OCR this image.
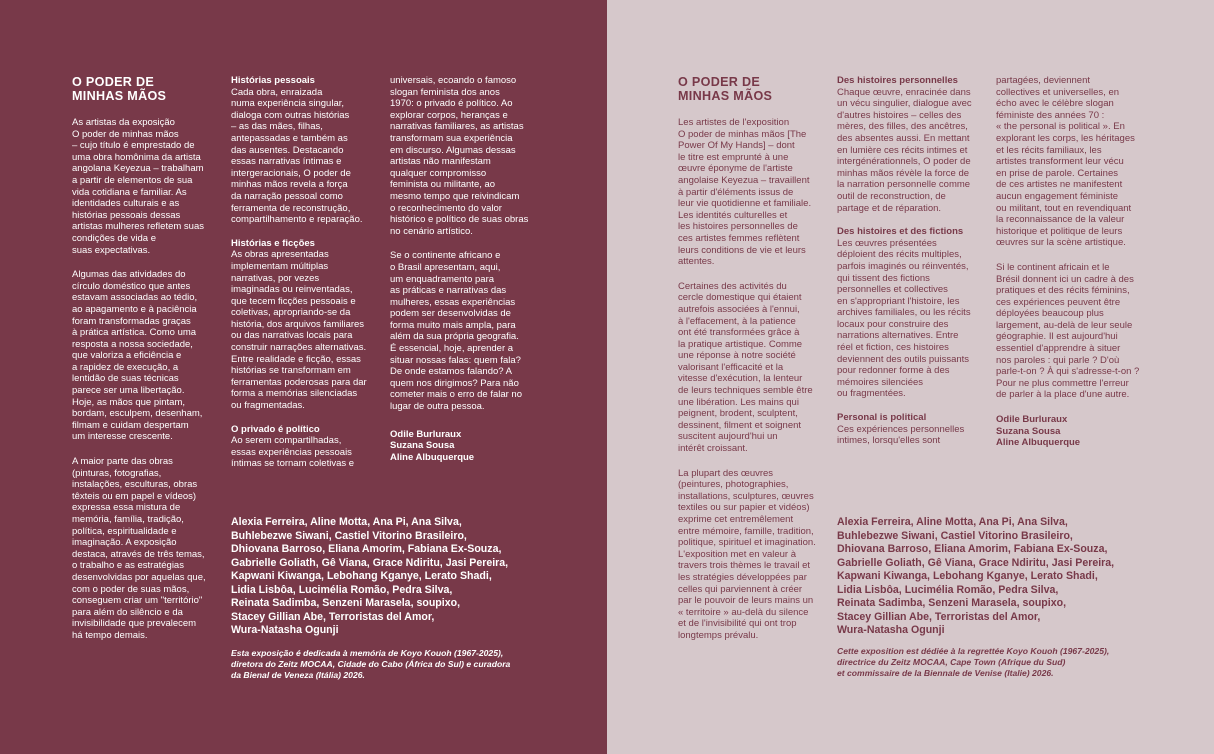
O PODER DE
MINHAS MÃOS

As artistas da exposição
O poder de minhas mãos
– cujo título é emprestado de
uma obra homônima da artista
angolana Keyezua – trabalham
a partir de elementos de sua
vida cotidiana e familiar. As
identidades culturais e as
histórias pessoais dessas
artistas mulheres refletem suas
condições de vida e
suas expectativas.

Algumas das atividades do
círculo doméstico que antes
estavam associadas ao tédio,
ao apagamento e à paciência
foram transformadas graças
à prática artística. Como uma
resposta a nossa sociedade,
que valoriza a eficiência e
a rapidez de execução, a
lentidão de suas técnicas
parece ser uma libertação.
Hoje, as mãos que pintam,
bordam, esculpem, desenham,
filmam e cuidam despertam
um interesse crescente.

A maior parte das obras
(pinturas, fotografias,
instalações, esculturas, obras
têxteis ou em papel e vídeos)
expressa essa mistura de
memória, família, tradição,
política, espiritualidade e
imaginação. A exposição
destaca, através de três temas,
o trabalho e as estratégias
desenvolvidas por aquelas que,
com o poder de suas mãos,
conseguem criar um "território"
para além do silêncio e da
invisibilidade que prevalecem
há tempo demais.

Histórias pessoais
Cada obra, enraizada
numa experiência singular,
dialoga com outras histórias
– as das mães, filhas,
antepassadas e também as
das ausentes. Destacando
essas narrativas íntimas e
intergeracionais, O poder de
minhas mãos revela a força
da narração pessoal como
ferramenta de reconstrução,
compartilhamento e reparação.
Histórias e ficções
As obras apresentadas
implementam múltiplas
narrativas, por vezes
imaginadas ou reinventadas,
que tecem ficções pessoais e
coletivas, apropriando-se da
história, dos arquivos familiares
ou das narrativas locais para
construir narrações alternativas.
Entre realidade e ficção, essas
histórias se transformam em
ferramentas poderosas para dar
forma a memórias silenciadas
ou fragmentadas.
O privado é político
Ao serem compartilhadas,
essas experiências pessoais
íntimas se tornam coletivas e

universais, ecoando o famoso
slogan feminista dos anos
1970: o privado é político. Ao
explorar corpos, heranças e
narrativas familiares, as artistas
transformam sua experiência
em discurso. Algumas dessas
artistas não manifestam
qualquer compromisso
feminista ou militante, ao
mesmo tempo que reivindicam
o reconhecimento do valor
histórico e político de suas obras
no cenário artístico.

Se o continente africano e
o Brasil apresentam, aqui,
um enquadramento para
as práticas e narrativas das
mulheres, essas experiências
podem ser desenvolvidas de
forma muito mais ampla, para
além da sua própria geografia.
É essencial, hoje, aprender a
situar nossas falas: quem fala?
De onde estamos falando? A
quem nos dirigimos? Para não
cometer mais o erro de falar no
lugar de outra pessoa.

Odile Burluraux
Suzana Sousa
Aline Albuquerque
Alexia Ferreira, Aline Motta, Ana Pi, Ana Silva,
Buhlebezwe Siwani, Castiel Vitorino Brasileiro,
Dhiovana Barroso, Eliana Amorim, Fabiana Ex-Souza,
Gabrielle Goliath, Gê Viana, Grace Ndiritu, Jasi Pereira,
Kapwani Kiwanga, Lebohang Kganye, Lerato Shadi,
Lidia Lisbôa, Lucimélia Romão, Pedra Silva,
Reinata Sadimba, Senzeni Marasela, soupixo,
Stacey Gillian Abe, Terroristas del Amor,
Wura-Natasha Ogunji
Esta exposição é dedicada à memória de Koyo Kouoh (1967-2025),
diretora do Zeitz MOCAA, Cidade do Cabo (África do Sul) e curadora
da Bienal de Veneza (Itália) 2026.
O PODER DE
MINHAS MÃOS

Les artistes de l'exposition
O poder de minhas mãos [The
Power Of My Hands] – dont
le titre est emprunté à une
œuvre éponyme de l'artiste
angolaise Keyezua – travaillent
à partir d'éléments issus de
leur vie quotidienne et familiale.
Les identités culturelles et
les histoires personnelles de
ces artistes femmes reflètent
leurs conditions de vie et leurs
attentes.

Certaines des activités du
cercle domestique qui étaient
autrefois associées à l'ennui,
à l'effacement, à la patience
ont été transformées grâce à
la pratique artistique. Comme
une réponse à notre société
valorisant l'efficacité et la
vitesse d'exécution, la lenteur
de leurs techniques semble être
une libération. Les mains qui
peignent, brodent, sculptent,
dessinent, filment et soignent
suscitent aujourd'hui un
intérêt croissant.

La plupart des œuvres
(peintures, photographies,
installations, sculptures, œuvres
textiles ou sur papier et vidéos)
exprime cet entremêlement
entre mémoire, famille, tradition,
politique, spirituel et imagination.
L'exposition met en valeur à
travers trois thèmes le travail et
les stratégies développées par
celles qui parviennent à créer
par le pouvoir de leurs mains un
« territoire » au-delà du silence
et de l'invisibilité qui ont trop
longtemps prévalu.

Des histoires personnelles
Chaque œuvre, enracinée dans
un vécu singulier, dialogue avec
d'autres histoires – celles des
mères, des filles, des ancêtres,
des absentes aussi. En mettant
en lumière ces récits intimes et
intergénérationnels, O poder de
minhas mãos révèle la force de
la narration personnelle comme
outil de reconstruction, de
partage et de réparation.
Des histoires et des fictions
Les œuvres présentées
déploient des récits multiples,
parfois imaginés ou réinventés,
qui tissent des fictions
personnelles et collectives
en s'appropriant l'histoire, les
archives familiales, ou les récits
locaux pour construire des
narrations alternatives. Entre
réel et fiction, ces histoires
deviennent des outils puissants
pour redonner forme à des
mémoires silenciées
ou fragmentées.
Personal is political
Ces expériences personnelles
intimes, lorsqu'elles sont

partagées, deviennent
collectives et universelles, en
écho avec le célèbre slogan
féministe des années 70 :
« the personal is political ». En
explorant les corps, les héritages
et les récits familiaux, les
artistes transforment leur vécu
en prise de parole. Certaines
de ces artistes ne manifestent
aucun engagement féministe
ou militant, tout en revendiquant
la reconnaissance de la valeur
historique et politique de leurs
œuvres sur la scène artistique.

Si le continent africain et le
Brésil donnent ici un cadre à des
pratiques et des récits féminins,
ces expériences peuvent être
déployées beaucoup plus
largement, au-delà de leur seule
géographie. Il est aujourd'hui
essentiel d'apprendre à situer
nos paroles : qui parle ? D'où
parle-t-on ? À qui s'adresse-t-on ?
Pour ne plus commettre l'erreur
de parler à la place d'une autre.

Odile Burluraux
Suzana Sousa
Aline Albuquerque
Alexia Ferreira, Aline Motta, Ana Pi, Ana Silva,
Buhlebezwe Siwani, Castiel Vitorino Brasileiro,
Dhiovana Barroso, Eliana Amorim, Fabiana Ex-Souza,
Gabrielle Goliath, Gê Viana, Grace Ndiritu, Jasi Pereira,
Kapwani Kiwanga, Lebohang Kganye, Lerato Shadi,
Lidia Lisbôa, Lucimélia Romão, Pedra Silva,
Reinata Sadimba, Senzeni Marasela, soupixo,
Stacey Gillian Abe, Terroristas del Amor,
Wura-Natasha Ogunji
Cette exposition est dédiée à la regrettée Koyo Kouoh (1967-2025),
directrice du Zeitz MOCAA, Cape Town (Afrique du Sud)
et commissaire de la Biennale de Venise (Italie) 2026.
